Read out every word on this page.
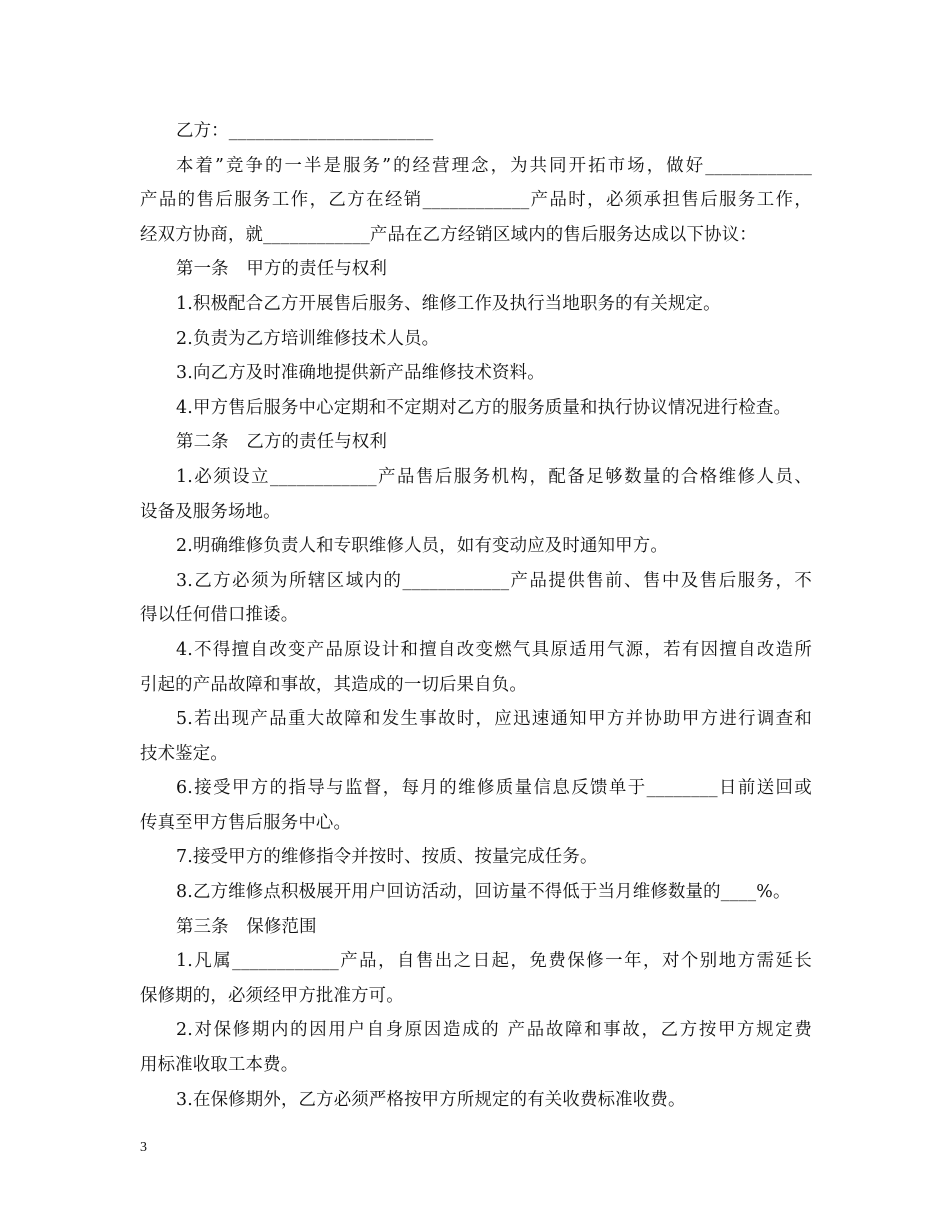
乙方：_______________________
本着”竞争的一半是服务”的经营理念，为共同开拓市场，做好____________
产品的售后服务工作，乙方在经销____________产品时，必须承担售后服务工作，
经双方协商，就____________产品在乙方经销区域内的售后服务达成以下协议：
第一条　甲方的责任与权利
1.积极配合乙方开展售后服务、维修工作及执行当地职务的有关规定。
2.负责为乙方培训维修技术人员。
3.向乙方及时准确地提供新产品维修技术资料。
4.甲方售后服务中心定期和不定期对乙方的服务质量和执行协议情况进行检查。
第二条　乙方的责任与权利
1.必须设立____________产品售后服务机构，配备足够数量的合格维修人员、
设备及服务场地。
2.明确维修负责人和专职维修人员，如有变动应及时通知甲方。
3.乙方必须为所辖区域内的____________产品提供售前、售中及售后服务，不
得以任何借口推诿。
4.不得擅自改变产品原设计和擅自改变燃气具原适用气源，若有因擅自改造所
引起的产品故障和事故，其造成的一切后果自负。
5.若出现产品重大故障和发生事故时，应迅速通知甲方并协助甲方进行调查和
技术鉴定。
6.接受甲方的指导与监督，每月的维修质量信息反馈单于________日前送回或
传真至甲方售后服务中心。
7.接受甲方的维修指令并按时、按质、按量完成任务。
8.乙方维修点积极展开用户回访活动，回访量不得低于当月维修数量的____%。
第三条　保修范围
1.凡属____________产品，自售出之日起，免费保修一年，对个别地方需延长
保修期的，必须经甲方批准方可。
2.对保修期内的因用户自身原因造成的 产品故障和事故，乙方按甲方规定费
用标准收取工本费。
3.在保修期外，乙方必须严格按甲方所规定的有关收费标准收费。
3
